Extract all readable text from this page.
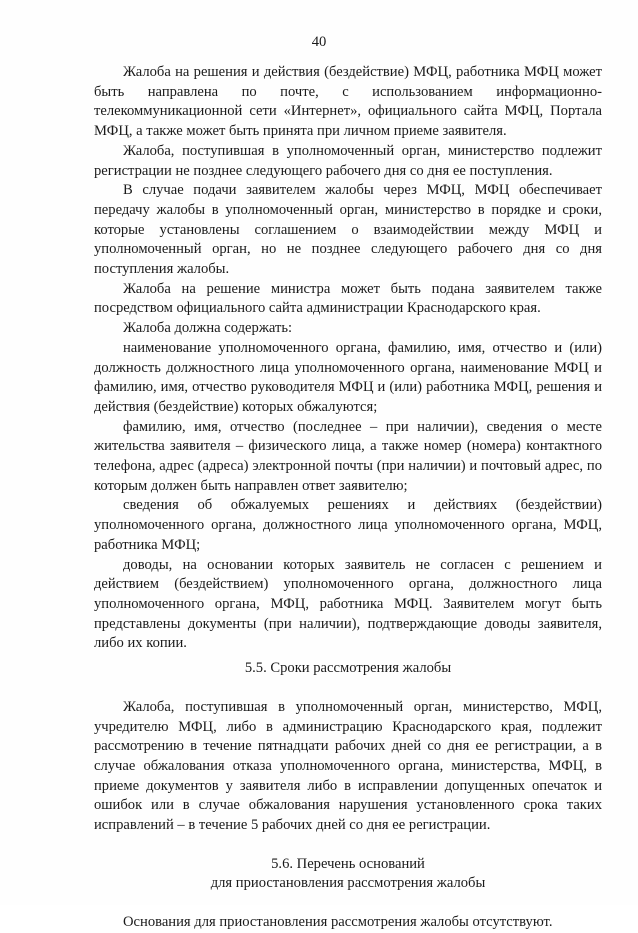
40

Жалоба на решения и действия (бездействие) МФЦ, работника МФЦ может быть направлена по почте, с использованием информационно-телекоммуникационной сети «Интернет», официального сайта МФЦ, Портала МФЦ, а также может быть принята при личном приеме заявителя.

Жалоба, поступившая в уполномоченный орган, министерство подлежит регистрации не позднее следующего рабочего дня со дня ее поступления.

В случае подачи заявителем жалобы через МФЦ, МФЦ обеспечивает передачу жалобы в уполномоченный орган, министерство в порядке и сроки, которые установлены соглашением о взаимодействии между МФЦ и уполномоченный орган, но не позднее следующего рабочего дня со дня поступления жалобы.

Жалоба на решение министра может быть подана заявителем также посредством официального сайта администрации Краснодарского края.

Жалоба должна содержать:

наименование уполномоченного органа, фамилию, имя, отчество и (или) должность должностного лица уполномоченного органа, наименование МФЦ и фамилию, имя, отчество руководителя МФЦ и (или) работника МФЦ, решения и действия (бездействие) которых обжалуются;

фамилию, имя, отчество (последнее – при наличии), сведения о месте жительства заявителя – физического лица, а также номер (номера) контактного телефона, адрес (адреса) электронной почты (при наличии) и почтовый адрес, по которым должен быть направлен ответ заявителю;

сведения об обжалуемых решениях и действиях (бездействии) уполномоченного органа, должностного лица уполномоченного органа, МФЦ, работника МФЦ;

доводы, на основании которых заявитель не согласен с решением и действием (бездействием) уполномоченного органа, должностного лица уполномоченного органа, МФЦ, работника МФЦ. Заявителем могут быть представлены документы (при наличии), подтверждающие доводы заявителя, либо их копии.

5.5. Сроки рассмотрения жалобы

Жалоба, поступившая в уполномоченный орган, министерство, МФЦ, учредителю МФЦ, либо в администрацию Краснодарского края, подлежит рассмотрению в течение пятнадцати рабочих дней со дня ее регистрации, а в случае обжалования отказа уполномоченного органа, министерства, МФЦ, в приеме документов у заявителя либо в исправлении допущенных опечаток и ошибок или в случае обжалования нарушения установленного срока таких исправлений – в течение 5 рабочих дней со дня ее регистрации.

5.6. Перечень оснований

для приостановления рассмотрения жалобы

Основания для приостановления рассмотрения жалобы отсутствуют.
